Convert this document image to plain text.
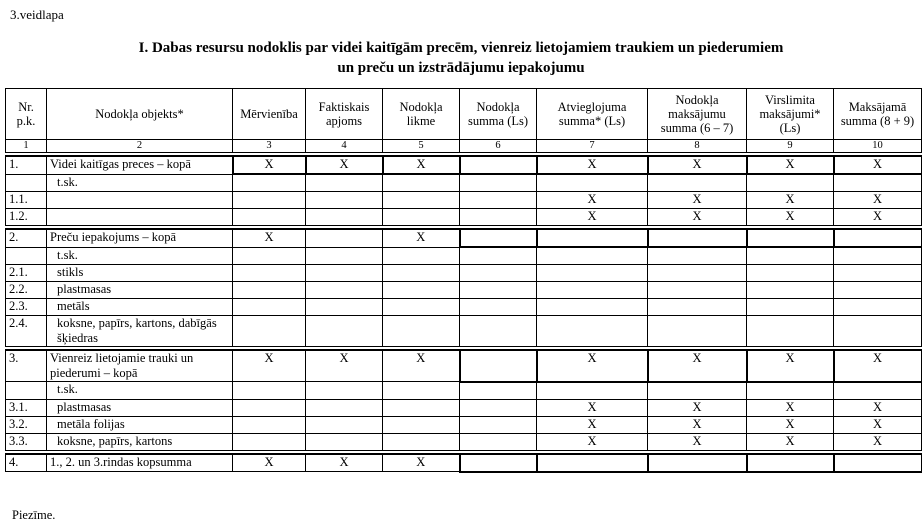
3.veidlapa
I. Dabas resursu nodoklis par videi kaitīgām precēm, vienreiz lietojamiem traukiem un piederumiem
un preču un izstrādājumu iepakojumu
Nr. p.k.	Nodokļa objekts*	Mērvienība	Faktiskais apjoms	Nodokļa likme	Nodokļa summa (Ls)	Atvieglojuma summa* (Ls)	Nodokļa maksājumu summa (6 – 7)	Virslimita maksājumi* (Ls)	Maksājamā summa (8 + 9)
1	2	3	4	5	6	7	8	9	10

1.	Videi kaitīgas preces – kopā	X	X	X		X	X	X	X
	t.sk.								
1.1.						X	X	X	X
1.2.						X	X	X	X

2.	Preču iepakojums – kopā	X		X					
	t.sk.								
2.1.	stikls								
2.2.	plastmasas								
2.3.	metāls								
2.4.	koksne, papīrs, kartons, dabīgās šķiedras								

3.	Vienreiz lietojamie trauki un piederumi – kopā	X	X	X		X	X	X	X
	t.sk.								
3.1.	plastmasas					X	X	X	X
3.2.	metāla folijas					X	X	X	X
3.3.	koksne, papīrs, kartons					X	X	X	X

4.	1., 2. un 3.rindas kopsumma	X	X	X					
Piezīme.
